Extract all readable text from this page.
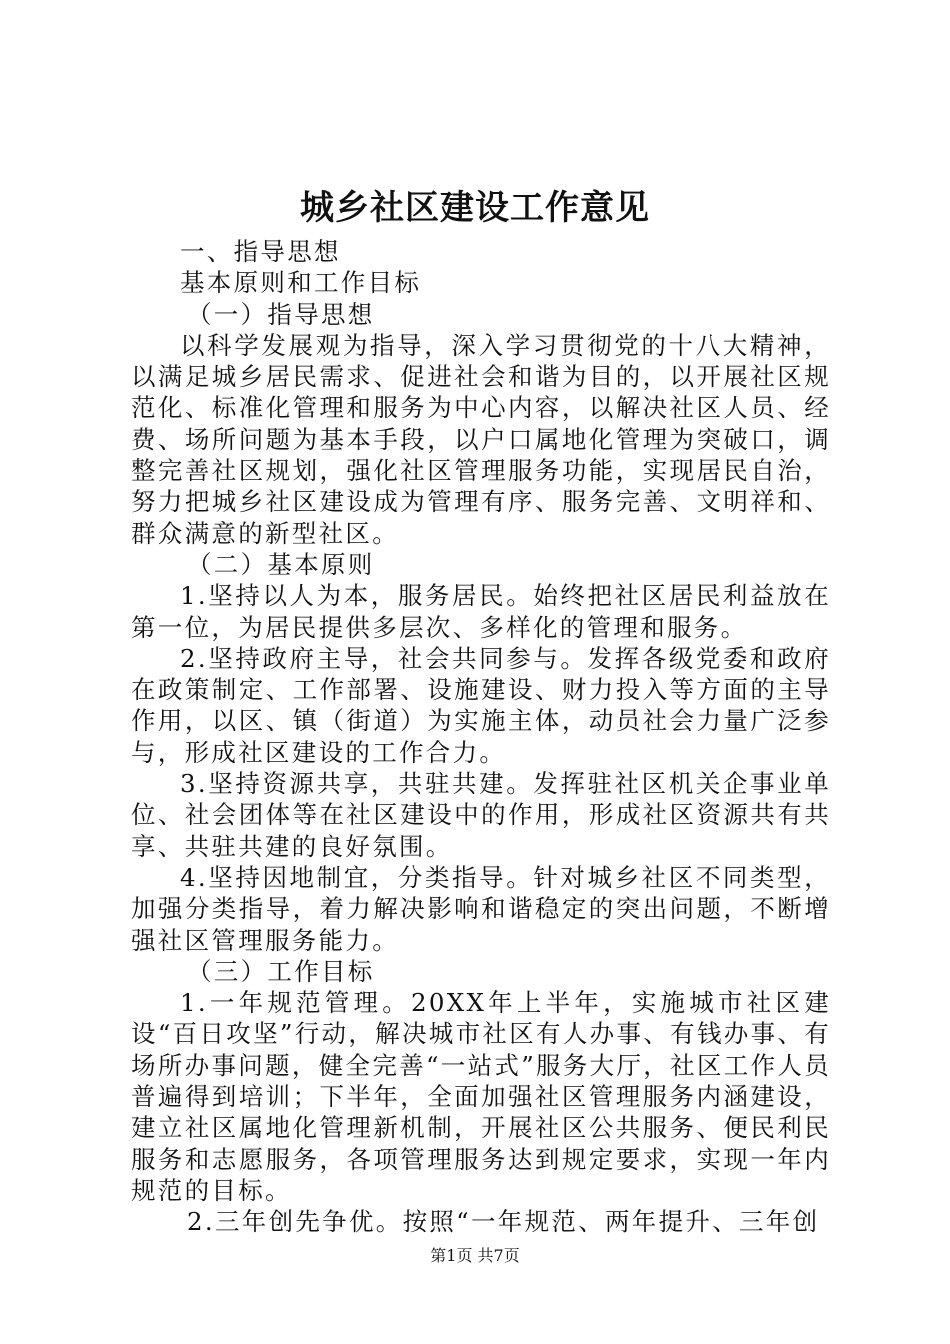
城乡社区建设工作意见

一、指导思想

基本原则和工作目标

（一）指导思想

以科学发展观为指导，深入学习贯彻党的十八大精神，以满足城乡居民需求、促进社会和谐为目的，以开展社区规范化、标准化管理和服务为中心内容，以解决社区人员、经费、场所问题为基本手段，以户口属地化管理为突破口，调整完善社区规划，强化社区管理服务功能，实现居民自治，努力把城乡社区建设成为管理有序、服务完善、文明祥和、群众满意的新型社区。

（二）基本原则

1.坚持以人为本，服务居民。始终把社区居民利益放在第一位，为居民提供多层次、多样化的管理和服务。

2.坚持政府主导，社会共同参与。发挥各级党委和政府在政策制定、工作部署、设施建设、财力投入等方面的主导作用，以区、镇（街道）为实施主体，动员社会力量广泛参与，形成社区建设的工作合力。

3.坚持资源共享，共驻共建。发挥驻社区机关企事业单位、社会团体等在社区建设中的作用，形成社区资源共有共享、共驻共建的良好氛围。

4.坚持因地制宜，分类指导。针对城乡社区不同类型，加强分类指导，着力解决影响和谐稳定的突出问题，不断增强社区管理服务能力。

（三）工作目标

1.一年规范管理。20XX年上半年，实施城市社区建设“百日攻坚”行动，解决城市社区有人办事、有钱办事、有场所办事问题，健全完善“一站式”服务大厅，社区工作人员普遍得到培训；下半年，全面加强社区管理服务内涵建设，建立社区属地化管理新机制，开展社区公共服务、便民利民服务和志愿服务，各项管理服务达到规定要求，实现一年内规范的目标。

2.三年创先争优。按照“一年规范、两年提升、三年创

第1页 共7页
